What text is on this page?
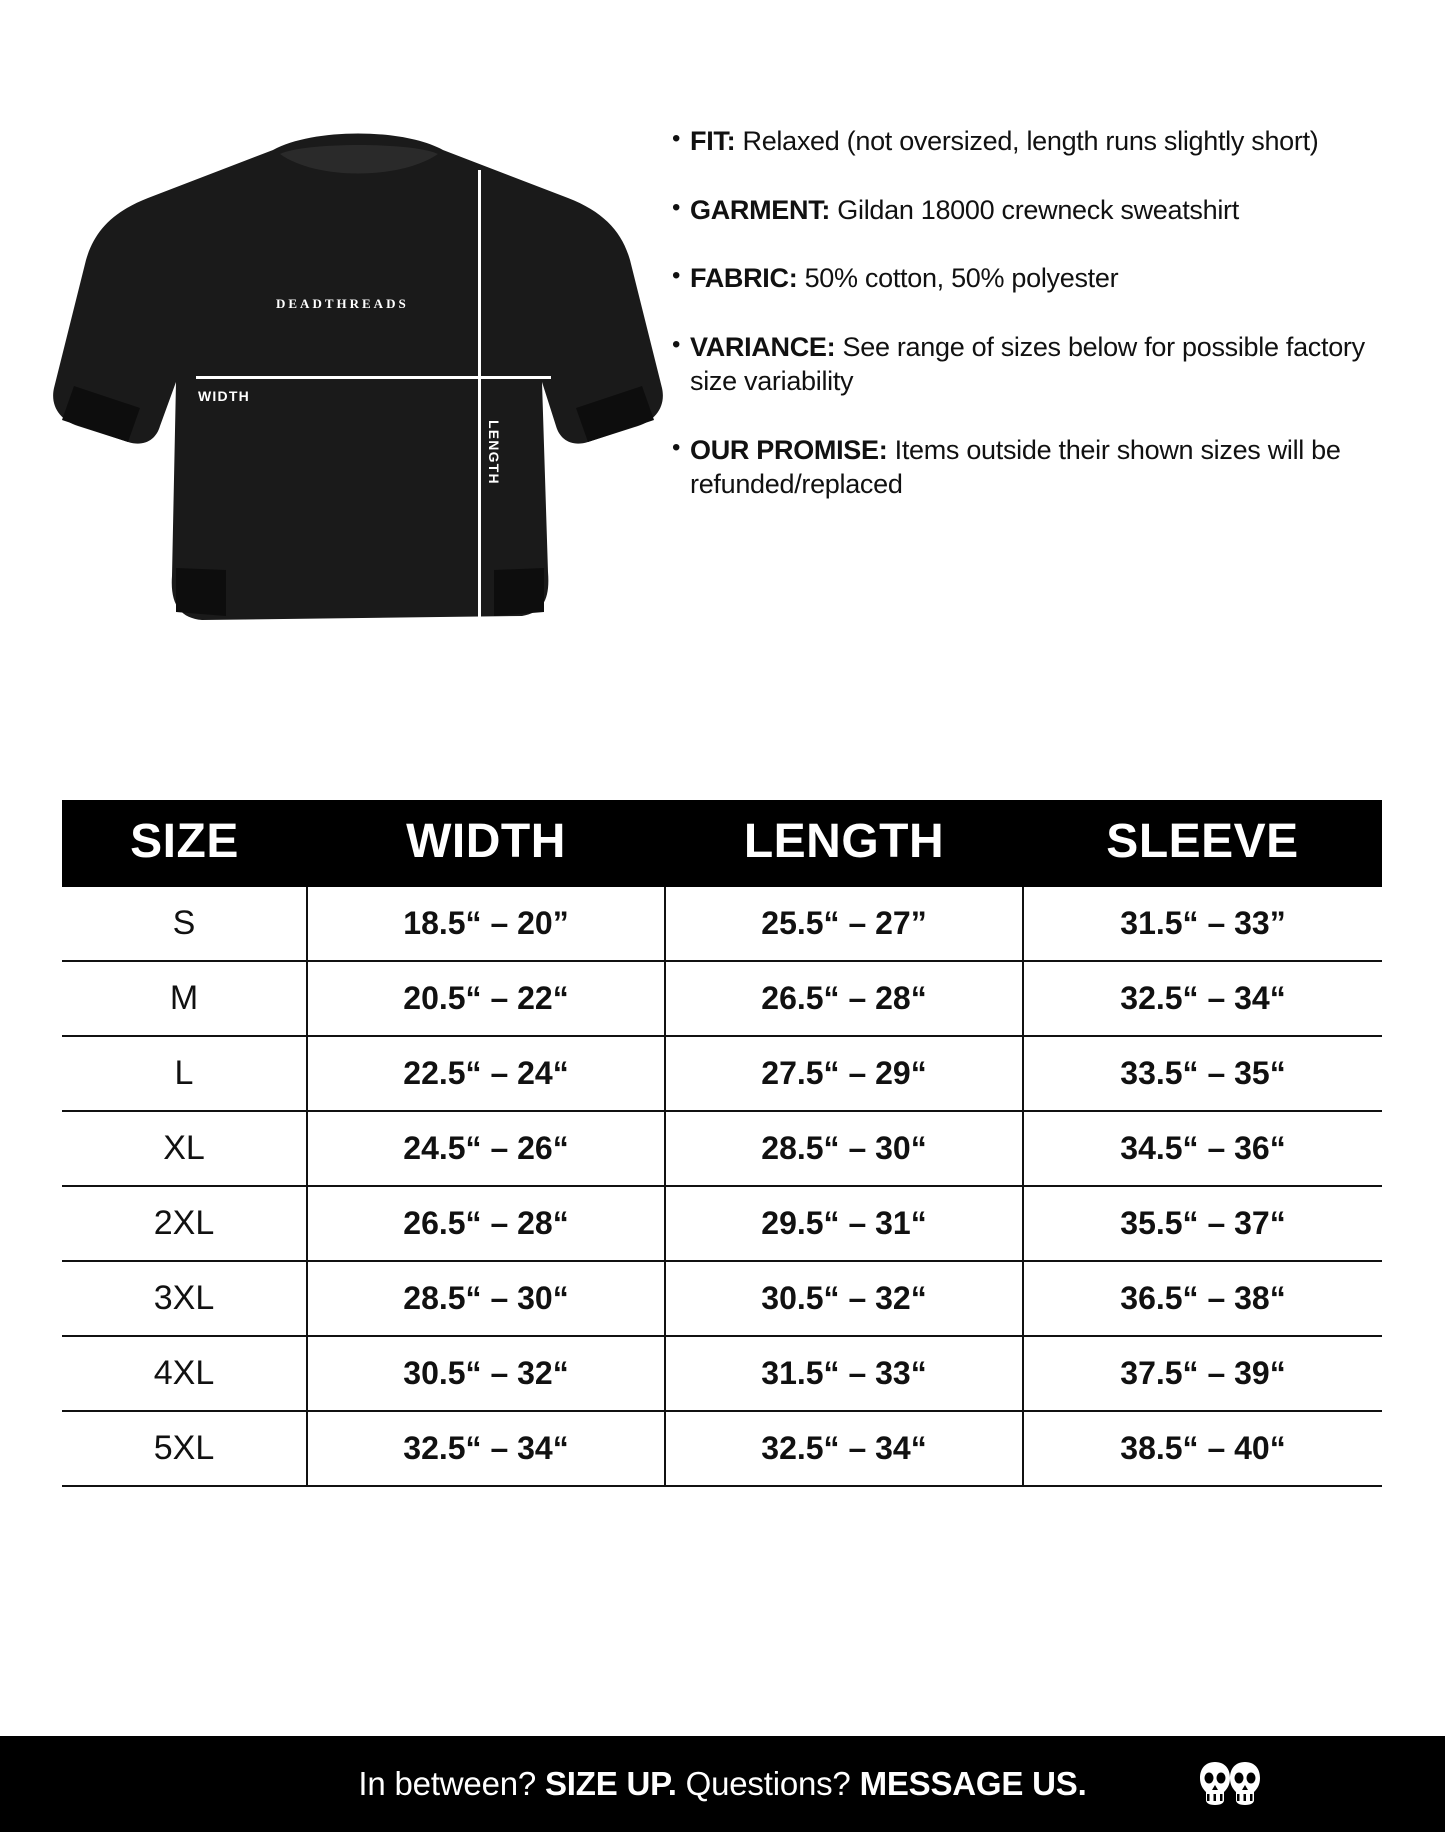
DEADTHREADS
WIDTH
LENGTH
• FIT: Relaxed (not oversized, length runs slightly short)
• GARMENT: Gildan 18000 crewneck sweatshirt
• FABRIC: 50% cotton, 50% polyester
• VARIANCE: See range of sizes below for possible factory size variability
• OUR PROMISE: Items outside their shown sizes will be refunded/replaced
SIZE	WIDTH	LENGTH	SLEEVE
S	18.5“ – 20”	25.5“ – 27”	31.5“ – 33”
M	20.5“ – 22“	26.5“ – 28“	32.5“ – 34“
L	22.5“ – 24“	27.5“ – 29“	33.5“ – 35“
XL	24.5“ – 26“	28.5“ – 30“	34.5“ – 36“
2XL	26.5“ – 28“	29.5“ – 31“	35.5“ – 37“
3XL	28.5“ – 30“	30.5“ – 32“	36.5“ – 38“
4XL	30.5“ – 32“	31.5“ – 33“	37.5“ – 39“
5XL	32.5“ – 34“	32.5“ – 34“	38.5“ – 40“
In between? SIZE UP. Questions? MESSAGE US.
